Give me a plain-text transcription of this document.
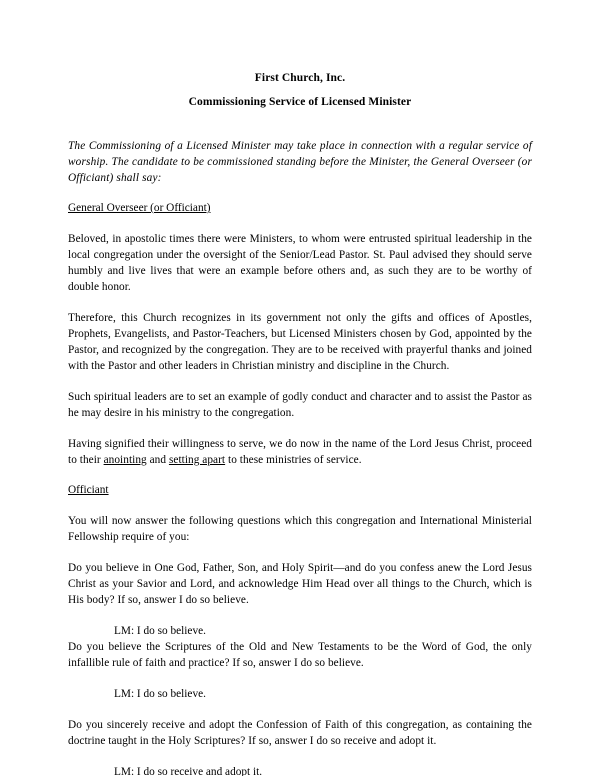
First Church, Inc.
Commissioning Service of Licensed Minister

The Commissioning of a Licensed Minister may take place in connection with a regular service of worship. The candidate to be commissioned standing before the Minister, the General Overseer (or Officiant) shall say:

General Overseer (or Officiant)

Beloved, in apostolic times there were Ministers, to whom were entrusted spiritual leadership in the local congregation under the oversight of the Senior/Lead Pastor. St. Paul advised they should serve humbly and live lives that were an example before others and, as such they are to be worthy of double honor.

Therefore, this Church recognizes in its government not only the gifts and offices of Apostles, Prophets, Evangelists, and Pastor-Teachers, but Licensed Ministers chosen by God, appointed by the Pastor, and recognized by the congregation. They are to be received with prayerful thanks and joined with the Pastor and other leaders in Christian ministry and discipline in the Church.

Such spiritual leaders are to set an example of godly conduct and character and to assist the Pastor as he may desire in his ministry to the congregation.

Having signified their willingness to serve, we do now in the name of the Lord Jesus Christ, proceed to their anointing and setting apart to these ministries of service.

Officiant

You will now answer the following questions which this congregation and International Ministerial Fellowship require of you:

Do you believe in One God, Father, Son, and Holy Spirit—and do you confess anew the Lord Jesus Christ as your Savior and Lord, and acknowledge Him Head over all things to the Church, which is His body? If so, answer I do so believe.

LM: I do so believe.

Do you believe the Scriptures of the Old and New Testaments to be the Word of God, the only infallible rule of faith and practice? If so, answer I do so believe.

LM: I do so believe.

Do you sincerely receive and adopt the Confession of Faith of this congregation, as containing the doctrine taught in the Holy Scriptures? If so, answer I do so receive and adopt it.

LM: I do so receive and adopt it.
